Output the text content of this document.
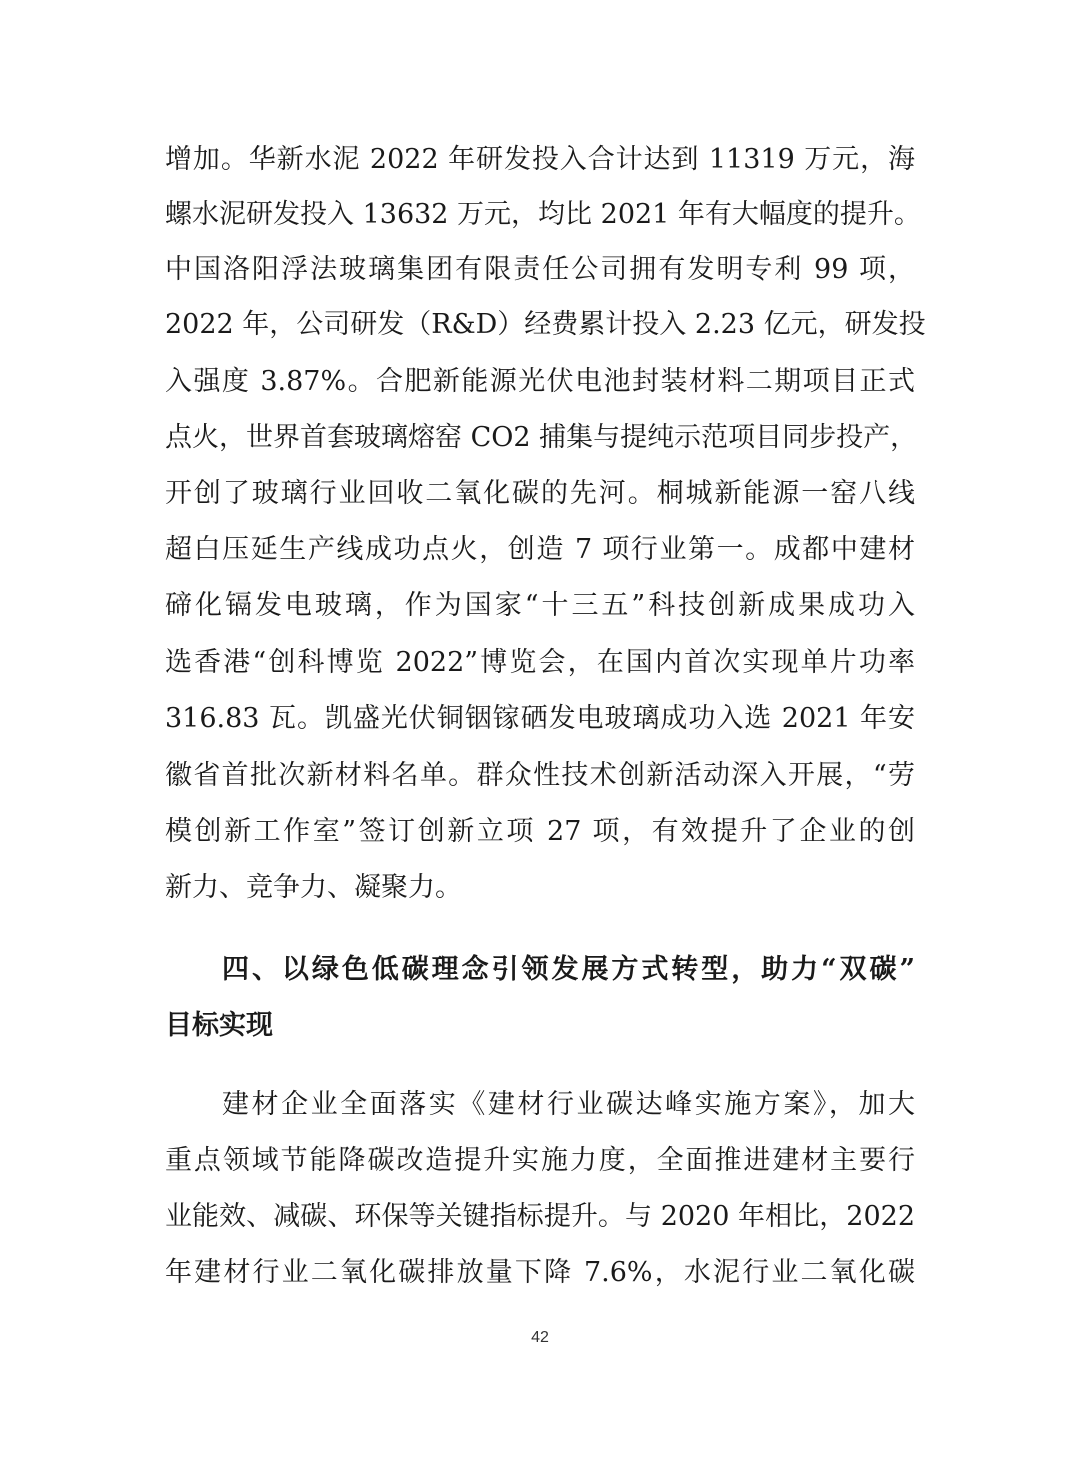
增加。华新水泥 2022 年研发投入合计达到 11319 万元，海
螺水泥研发投入 13632 万元，均比 2021 年有大幅度的提升。
中国洛阳浮法玻璃集团有限责任公司拥有发明专利 99 项，
2022 年，公司研发（R&D）经费累计投入 2.23 亿元，研发投
入强度 3.87%。合肥新能源光伏电池封装材料二期项目正式
点火，世界首套玻璃熔窑 CO2 捕集与提纯示范项目同步投产，
开创了玻璃行业回收二氧化碳的先河。桐城新能源一窑八线
超白压延生产线成功点火，创造 7 项行业第一。成都中建材
碲化镉发电玻璃，作为国家“十三五”科技创新成果成功入
选香港“创科博览 2022”博览会，在国内首次实现单片功率
316.83 瓦。凯盛光伏铜铟镓硒发电玻璃成功入选 2021 年安
徽省首批次新材料名单。群众性技术创新活动深入开展，“劳
模创新工作室”签订创新立项 27 项，有效提升了企业的创
新力、竞争力、凝聚力。
四、以绿色低碳理念引领发展方式转型，助力“双碳”
目标实现
建材企业全面落实《建材行业碳达峰实施方案》，加大
重点领域节能降碳改造提升实施力度，全面推进建材主要行
业能效、减碳、环保等关键指标提升。与 2020 年相比，2022
年建材行业二氧化碳排放量下降 7.6%，水泥行业二氧化碳
42
